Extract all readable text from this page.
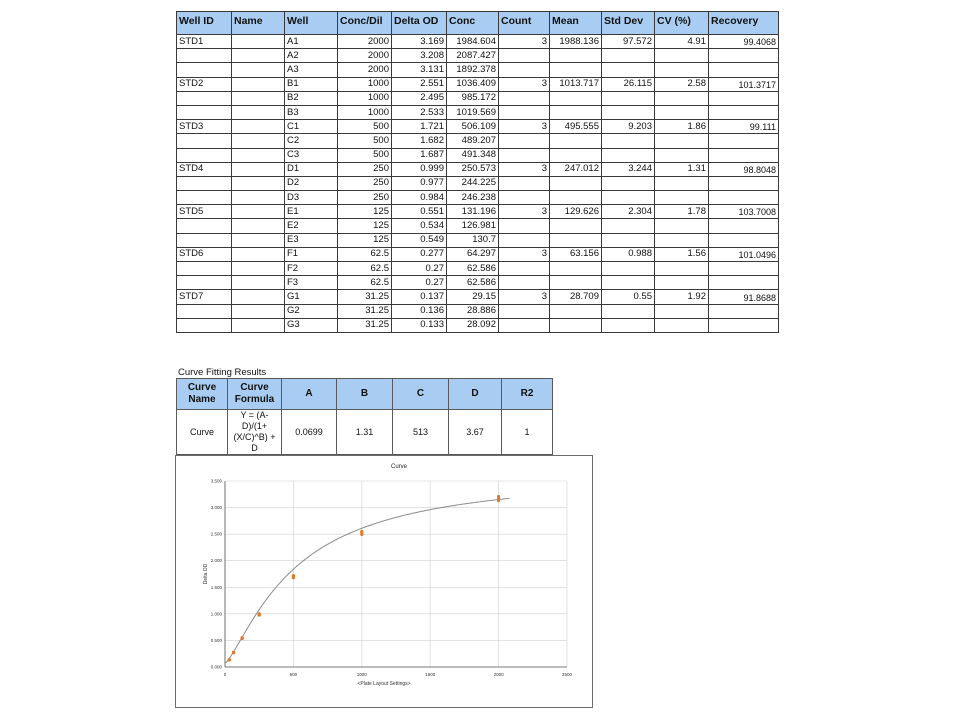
Well ID	Name	Well	Conc/Dil	Delta OD	Conc	Count	Mean	Std Dev	CV (%)	Recovery
STD1		A1	2000	3.169	1984.604	3	1988.136	97.572	4.91	99.4068
		A2	2000	3.208	2087.427					
		A3	2000	3.131	1892.378					
STD2		B1	1000	2.551	1036.409	3	1013.717	26.115	2.58	101.3717
		B2	1000	2.495	985.172					
		B3	1000	2.533	1019.569					
STD3		C1	500	1.721	506.109	3	495.555	9.203	1.86	99.111
		C2	500	1.682	489.207					
		C3	500	1.687	491.348					
STD4		D1	250	0.999	250.573	3	247.012	3.244	1.31	98.8048
		D2	250	0.977	244.225					
		D3	250	0.984	246.238					
STD5		E1	125	0.551	131.196	3	129.626	2.304	1.78	103.7008
		E2	125	0.534	126.981					
		E3	125	0.549	130.7					
STD6		F1	62.5	0.277	64.297	3	63.156	0.988	1.56	101.0496
		F2	62.5	0.27	62.586					
		F3	62.5	0.27	62.586					
STD7		G1	31.25	0.137	29.15	3	28.709	0.55	1.92	91.8688
		G2	31.25	0.136	28.886					
		G3	31.25	0.133	28.092					
Curve Fitting Results
Curve Name	Curve Formula	A	B	C	D	R2
Curve	Y = (A-D)/(1+(X/C)^B) + D	0.0699	1.31	513	3.67	1
0	500	1000	1500	2000	2500
0.000
0.500
1.000
1.500
2.000
2.500
3.000
3.500
Curve
<Plate Layout Settings>
Delta OD
